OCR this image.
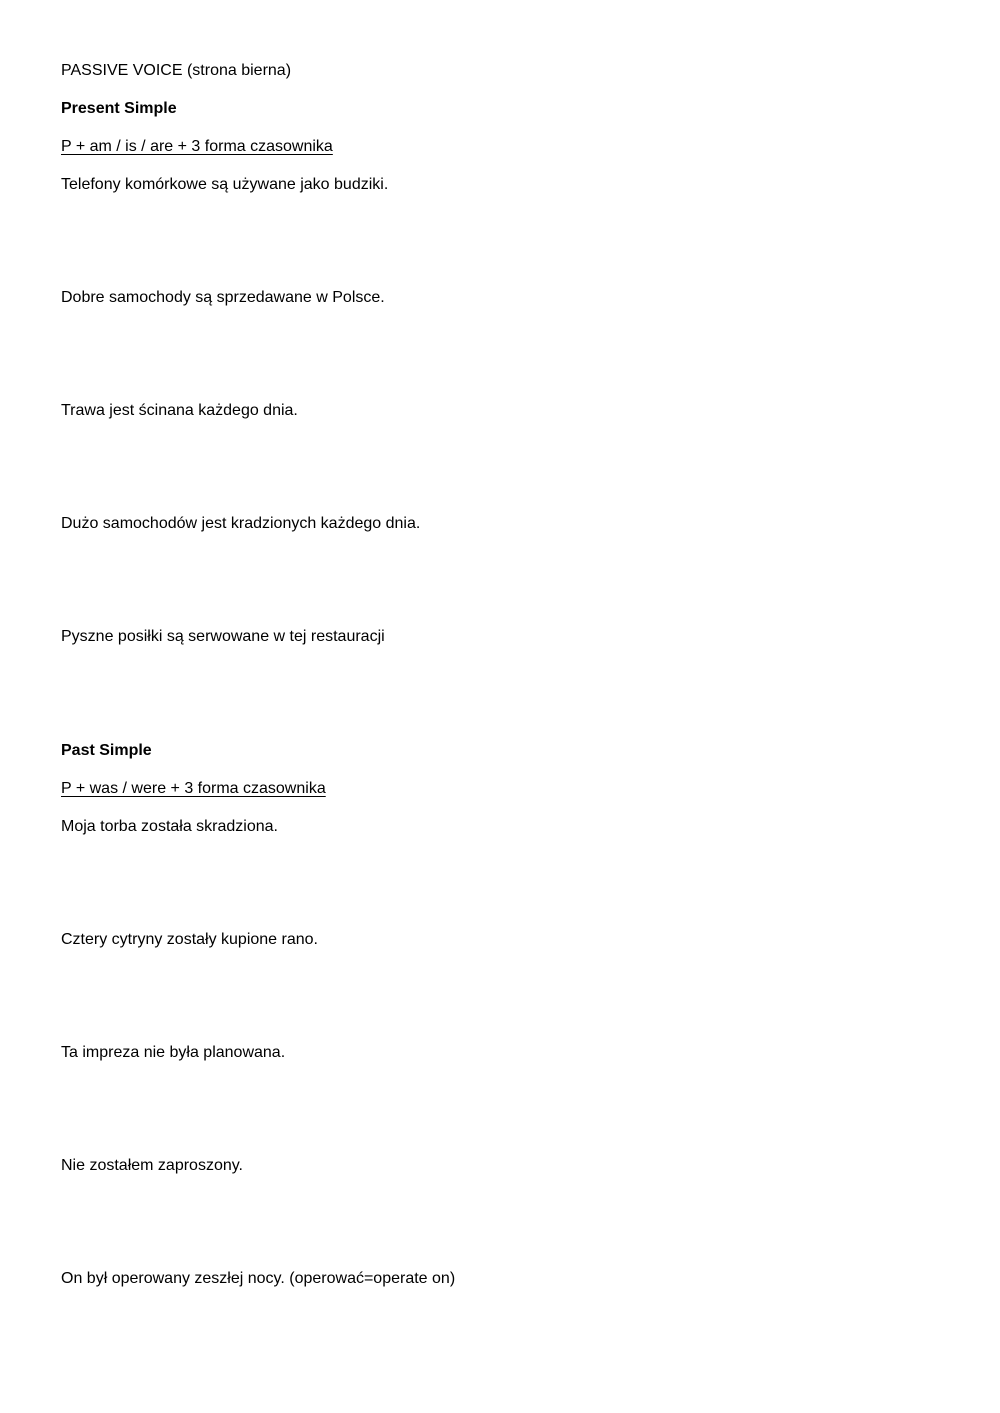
PASSIVE VOICE (strona bierna)
Present Simple
P + am / is / are + 3 forma czasownika
Telefony komórkowe są używane jako budziki.
Dobre samochody są sprzedawane w Polsce.
Trawa jest ścinana każdego dnia.
Dużo samochodów jest kradzionych każdego dnia.
Pyszne posiłki są serwowane w tej restauracji
Past Simple
P + was / were + 3 forma czasownika
Moja torba została skradziona.
Cztery cytryny zostały kupione rano.
Ta impreza nie była planowana.
Nie zostałem zaproszony.
On był operowany zeszłej nocy. (operować=operate on)
